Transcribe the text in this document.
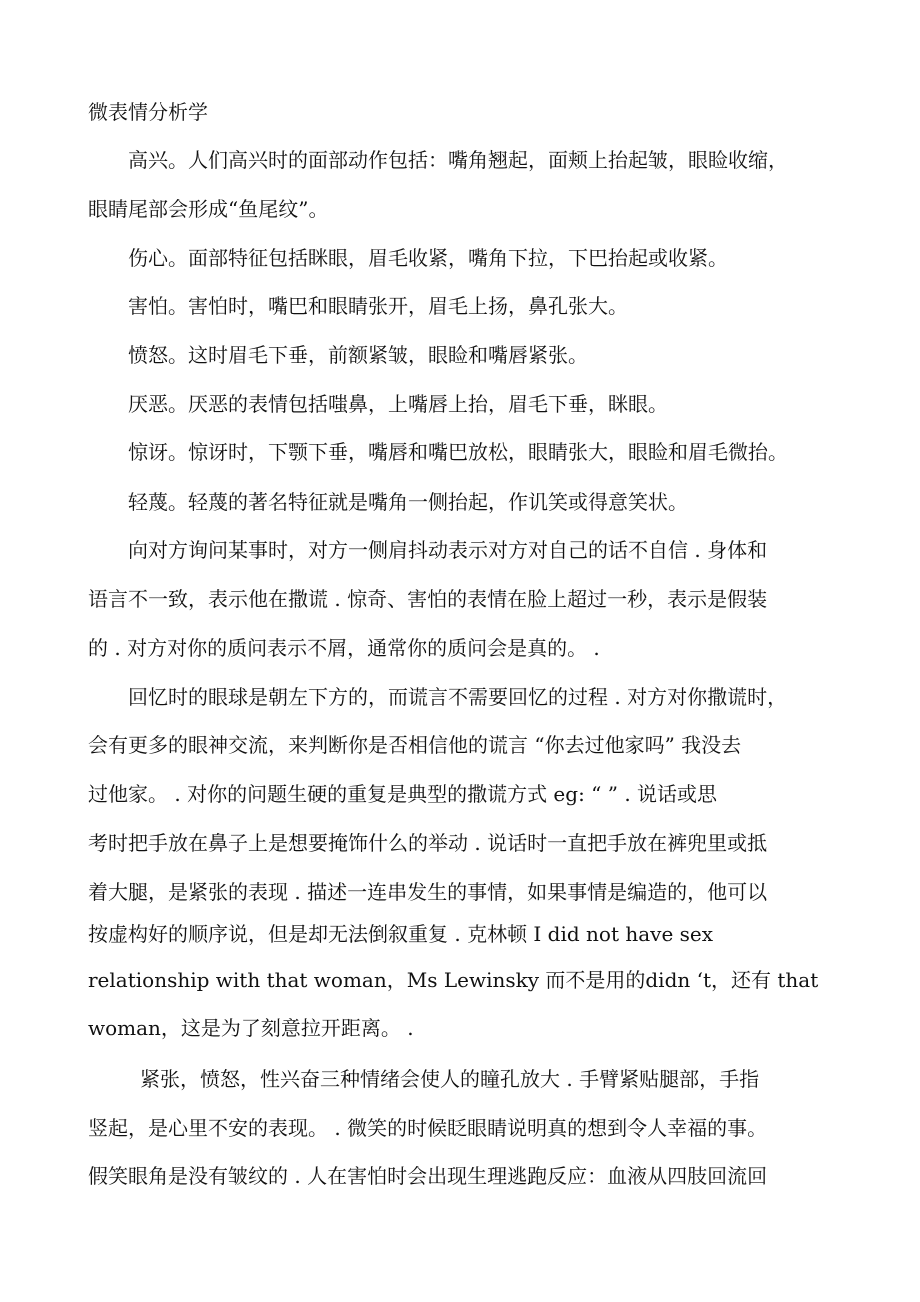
微表情分析学
高兴。人们高兴时的面部动作包括：嘴角翘起，面颊上抬起皱，眼睑收缩，
眼睛尾部会形成“鱼尾纹”。
伤心。面部特征包括眯眼，眉毛收紧，嘴角下拉，下巴抬起或收紧。
害怕。害怕时，嘴巴和眼睛张开，眉毛上扬，鼻孔张大。
愤怒。这时眉毛下垂，前额紧皱，眼睑和嘴唇紧张。
厌恶。厌恶的表情包括嗤鼻，上嘴唇上抬，眉毛下垂，眯眼。
惊讶。惊讶时，下颚下垂，嘴唇和嘴巴放松，眼睛张大，眼睑和眉毛微抬。
轻蔑。轻蔑的著名特征就是嘴角一侧抬起，作讥笑或得意笑状。
向对方询问某事时，对方一侧肩抖动表示对方对自己的话不自信 . 身体和
语言不一致，表示他在撒谎 . 惊奇、害怕的表情在脸上超过一秒，表示是假装
的 . 对方对你的质问表示不屑，通常你的质问会是真的。 .
回忆时的眼球是朝左下方的，而谎言不需要回忆的过程 . 对方对你撒谎时，
会有更多的眼神交流，来判断你是否相信他的谎言 “你去过他家吗” 我没去
过他家。 . 对你的问题生硬的重复是典型的撒谎方式 eg: “ ” . 说话或思
考时把手放在鼻子上是想要掩饰什么的举动 . 说话时一直把手放在裤兜里或抵
着大腿，是紧张的表现 . 描述一连串发生的事情，如果事情是编造的，他可以
按虚构好的顺序说，但是却无法倒叙重复 . 克林顿 I did not have sex
relationship with that woman，Ms Lewinsky 而不是用的didn ‘t，还有 that
woman，这是为了刻意拉开距离。 .
紧张，愤怒，性兴奋三种情绪会使人的瞳孔放大 . 手臂紧贴腿部，手指
竖起，是心里不安的表现。 . 微笑的时候眨眼睛说明真的想到令人幸福的事。
假笑眼角是没有皱纹的 . 人在害怕时会出现生理逃跑反应：血液从四肢回流回
